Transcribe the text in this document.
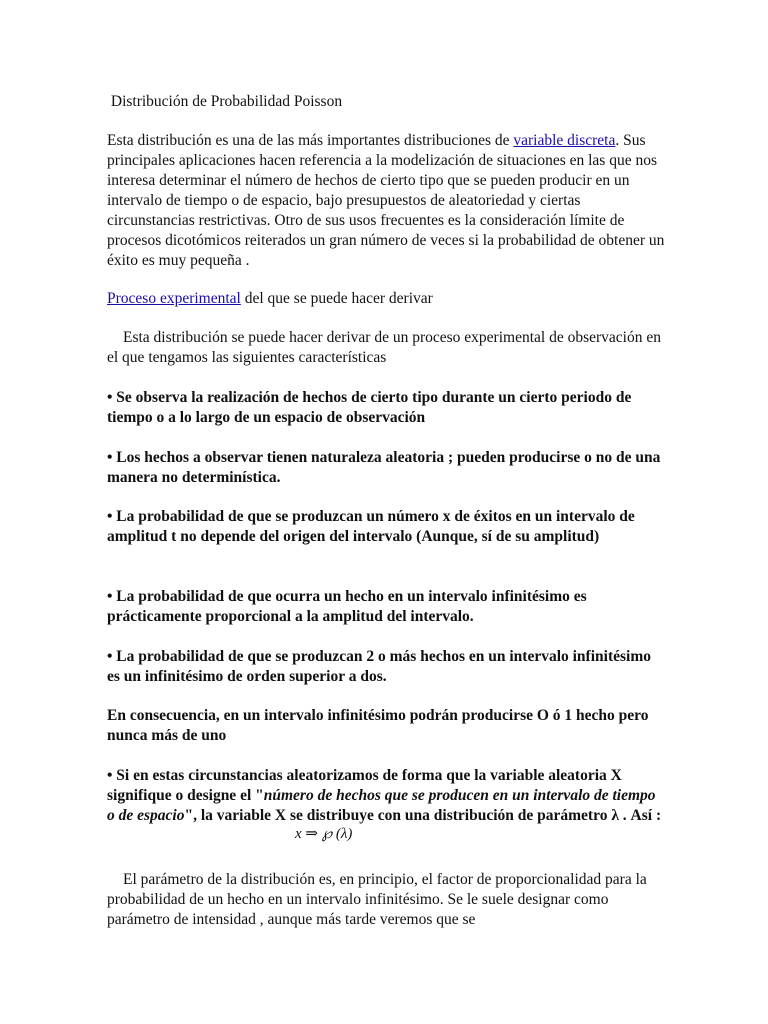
Distribución de Probabilidad Poisson

Esta distribución es una de las más importantes distribuciones de variable discreta. Sus principales aplicaciones hacen referencia a la modelización de situaciones en las que nos interesa determinar el número de hechos de cierto tipo que se pueden producir en un intervalo de tiempo o de espacio, bajo presupuestos de aleatoriedad y ciertas circunstancias restrictivas. Otro de sus usos frecuentes es la consideración límite de procesos dicotómicos reiterados un gran número de veces si la probabilidad de obtener un éxito es muy pequeña .

Proceso experimental del que se puede hacer derivar

Esta distribución se puede hacer derivar de un proceso experimental de observación en el que tengamos las siguientes características

• Se observa la realización de hechos de cierto tipo durante un cierto periodo de tiempo o a lo largo de un espacio de observación

• Los hechos a observar tienen naturaleza aleatoria ; pueden producirse o no de una manera no determinística.

• La probabilidad de que se produzcan un número x de éxitos en un intervalo de amplitud t no depende del origen del intervalo (Aunque, sí de su amplitud)

• La probabilidad de que ocurra un hecho en un intervalo infinitésimo es prácticamente proporcional a la amplitud del intervalo.

• La probabilidad de que se produzcan 2 o más hechos en un intervalo infinitésimo es un infinitésimo de orden superior a dos.

En consecuencia, en un intervalo infinitésimo podrán producirse O ó 1 hecho pero nunca más de uno

• Si en estas circunstancias aleatorizamos de forma que la variable aleatoria X signifique o designe el "número de hechos que se producen en un intervalo de tiempo o de espacio", la variable X se distribuye con una distribución de parámetro λ . Así :

x ⇒ ℘ (λ)

El parámetro de la distribución es, en principio, el factor de proporcionalidad para la probabilidad de un hecho en un intervalo infinitésimo. Se le suele designar como parámetro de intensidad , aunque más tarde veremos que se
